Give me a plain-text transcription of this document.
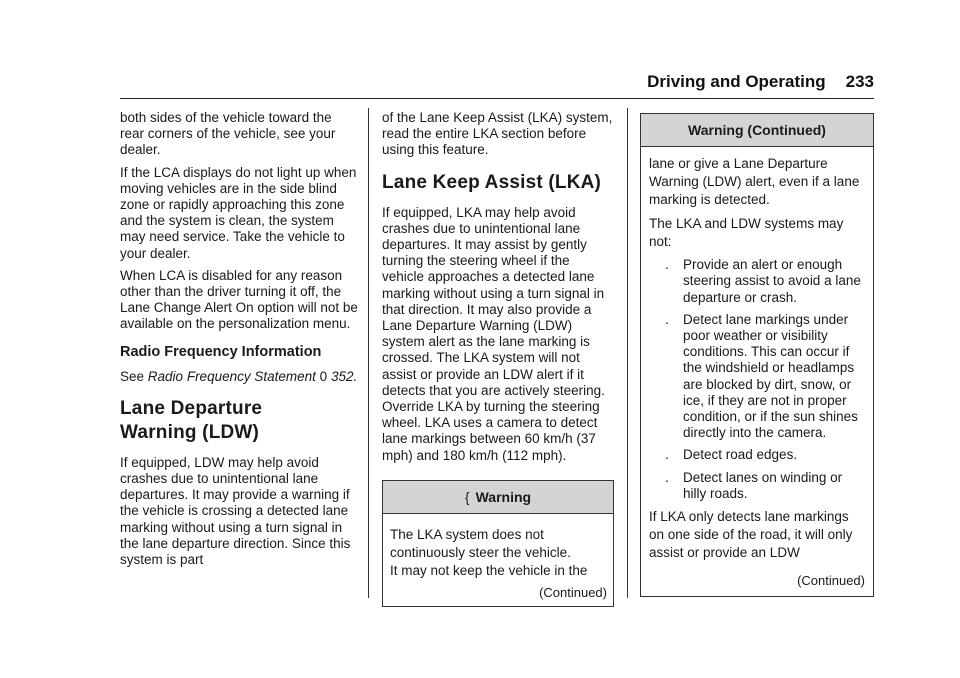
Driving and Operating 233

both sides of the vehicle toward the rear corners of the vehicle, see your dealer.

If the LCA displays do not light up when moving vehicles are in the side blind zone or rapidly approaching this zone and the system is clean, the system may need service. Take the vehicle to your dealer.

When LCA is disabled for any reason other than the driver turning it off, the Lane Change Alert On option will not be available on the personalization menu.

Radio Frequency Information

See Radio Frequency Statement 0 352.

Lane Departure
Warning (LDW)

If equipped, LDW may help avoid crashes due to unintentional lane departures. It may provide a warning if the vehicle is crossing a detected lane marking without using a turn signal in the lane departure direction. Since this system is part

of the Lane Keep Assist (LKA) system, read the entire LKA section before using this feature.

Lane Keep Assist (LKA)

If equipped, LKA may help avoid crashes due to unintentional lane departures. It may assist by gently turning the steering wheel if the vehicle approaches a detected lane marking without using a turn signal in that direction. It may also provide a Lane Departure Warning (LDW) system alert as the lane marking is crossed. The LKA system will not assist or provide an LDW alert if it detects that you are actively steering. Override LKA by turning the steering wheel. LKA uses a camera to detect lane markings between 60 km/h (37 mph) and 180 km/h (112 mph).

{ Warning
The LKA system does not
continuously steer the vehicle.
It may not keep the vehicle in the
(Continued)
Warning (Continued)

lane or give a Lane Departure Warning (LDW) alert, even if a lane marking is detected.

The LKA and LDW systems may not:

. Provide an alert or enough steering assist to avoid a lane departure or crash.
. Detect lane markings under poor weather or visibility conditions. This can occur if the windshield or headlamps are blocked by dirt, snow, or ice, if they are not in proper condition, or if the sun shines directly into the camera.
. Detect road edges.
. Detect lanes on winding or hilly roads.

If LKA only detects lane markings on one side of the road, it will only assist or provide an LDW

(Continued)
